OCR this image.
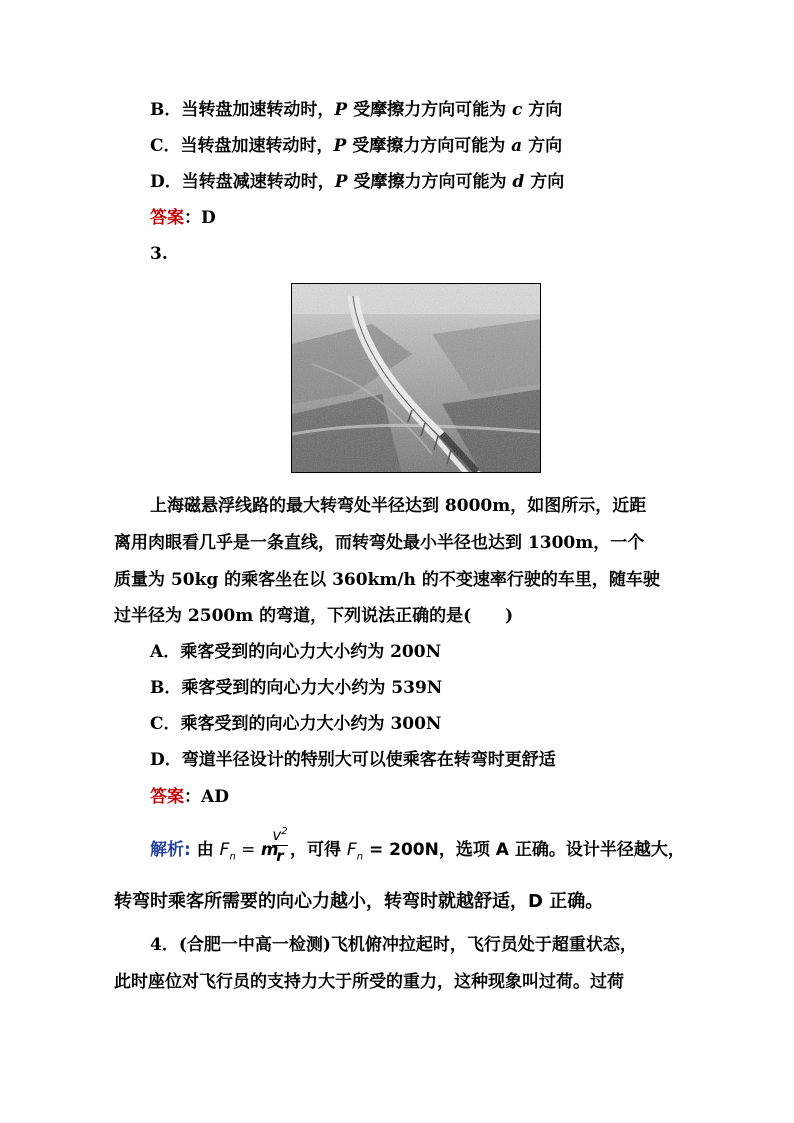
B．当转盘加速转动时，P 受摩擦力方向可能为 c 方向
C．当转盘加速转动时，P 受摩擦力方向可能为 a 方向
D．当转盘减速转动时，P 受摩擦力方向可能为 d 方向
答案：D
3.
上海磁悬浮线路的最大转弯处半径达到 8000m，如图所示，近距
离用肉眼看几乎是一条直线，而转弯处最小半径也达到 1300m，一个
质量为 50kg 的乘客坐在以 360km/h 的不变速率行驶的车里，随车驶
过半径为 2500m 的弯道，下列说法正确的是(　　)
A．乘客受到的向心力大小约为 200N
B．乘客受到的向心力大小约为 539N
C．乘客受到的向心力大小约为 300N
D．弯道半径设计的特别大可以使乘客在转弯时更舒适
答案：AD
解析: 由 $F_n = m$
$v^2$
r ，可得 $F_n = 200N$，选项 A 正确。设计半径越大，
转弯时乘客所需要的向心力越小，转弯时就越舒适，D 正确。
4．(合肥一中高一检测)飞机俯冲拉起时，飞行员处于超重状态，
此时座位对飞行员的支持力大于所受的重力，这种现象叫过荷。过荷
